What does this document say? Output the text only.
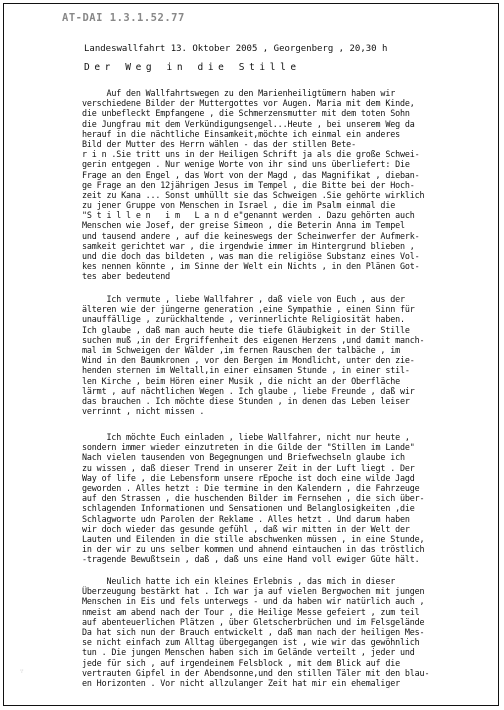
AT-DAI 1.3.1.52.77
Landeswallfahrt 13. Oktober 2005 , Georgenberg , 20,30 h
Der Weg in die Stille
Auf den Wallfahrtswegen zu den Marienheiligtümern haben wir
verschiedene Bilder der Muttergottes vor Augen. Maria mit dem Kinde,
die unbefleckt Empfangene , die Schmerzensmutter mit dem toten Sohn
die Jungfrau mit dem Verkündigungsengel...Heute , bei unserem Weg da
herauf in die nächtliche Einsamkeit,möchte ich einmal ein anderes
Bild der Mutter des Herrn wählen - das der stillen Bete-
r i n .Sie tritt uns in der Heiligen Schrift ja als die große Schwei-
gerin entgegen . Nur wenige Worte von ihr sind uns überliefert: Die
Frage an den Engel , das Wort von der Magd , das Magnifikat , dieban-
ge Frage an den 12jährigen Jesus im Tempel , die Bitte bei der Hoch-
zeit zu Kana ... Sonst umhüllt sie das Schweigen .Sie gehörte wirklich
zu jener Gruppe von Menschen in Israel , die im Psalm einmal die
"S t i l l e n   i m   L a n d e"genannt werden . Dazu gehörten auch
Menschen wie Josef, der greise Simeon , die Beterin Anna im Tempel
und tausend andere , auf die keineswegs der Scheinwerfer der Aufmerk-
samkeit gerichtet war , die irgendwie immer im Hintergrund blieben ,
und die doch das bildeten , was man die religiöse Substanz eines Vol-
kes nennen könnte , im Sinne der Welt ein Nichts , in den Plänen Got-
tes aber bedeutend
Ich vermute , liebe Wallfahrer , daß viele von Euch , aus der
älteren wie der jüngerne generation ,eine Sympathie , einen Sinn für
unauffällige , zurückhaltende , verinnerlichte Religiosität haben.
Ich glaube , daß man auch heute die tiefe Gläubigkeit in der Stille
suchen muß ,in der Ergriffenheit des eigenen Herzens ,und damit manch-
mal im Schweigen der Wälder ,im fernen Rauschen der talbäche , im
Wind in den Baumkronen , vor den Bergen im Mondlicht, unter den zie-
henden sternen im Weltall,in einer einsamen Stunde , in einer stil-
len Kirche , beim Hören einer Musik , die nicht an der Oberfläche
lärmt , auf nächtlichen Wegen . Ich glaube , liebe Freunde , daß wir
das brauchen . Ich möchte diese Stunden , in denen das Leben leiser
verrinnt , nicht missen .
Ich möchte Euch einladen , liebe Wallfahrer, nicht nur heute ,
sondern immer wieder einzutreten in die Gilde der "Stillen im Lande"
Nach vielen tausenden von Begegnungen und Briefwechseln glaube ich
zu wissen , daß dieser Trend in unserer Zeit in der Luft liegt . Der
Way of life , die Lebensform unsere rEpoche ist doch eine wilde Jagd
geworden . Alles hetzt : Die termine in den Kalendern , die Fahrzeuge
auf den Strassen , die huschenden Bilder im Fernsehen , die sich über-
schlagenden Informationen und Sensationen und Belanglosigkeiten ,die
Schlagworte udn Parolen der Reklame . Alles hetzt . Und darum haben
wir doch wieder das gesunde gefühl , daß wir mitten in der Welt der
Lauten und Eilenden in die stille abschwenken müssen , in eine Stunde,
in der wir zu uns selber kommen und ahnend eintauchen in das tröstlich
-tragende Bewußtsein , daß , daß uns eine Hand voll ewiger Güte hält.
Neulich hatte ich ein kleines Erlebnis , das mich in dieser
Überzeugung bestärkt hat . Ich war ja auf vielen Bergwochen mit jungen
Menschen in Eis und fels unterwegs - und da haben wir natürlich auch ,
nmeist am abend nach der Tour , die Heilige Messe gefeiert , zum teil
auf abenteuerlichen Plätzen , über Gletscherbrüchen und im Felsgelände
Da hat sich nun der Brauch entwickelt , daß man nach der heiligen Mes-
se nicht einfach zum Alltag übergegangen ist , wie wir das gewöhnlich
tun . Die jungen Menschen haben sich im Gelände verteilt , jeder und
jede für sich , auf irgendeinem Felsblock , mit dem Blick auf die
vertrauten Gipfel in der Abendsonne,und den stillen Täler mit den blau-
en Horizonten . Vor nicht allzulanger Zeit hat mir ein ehemaliger
∵
